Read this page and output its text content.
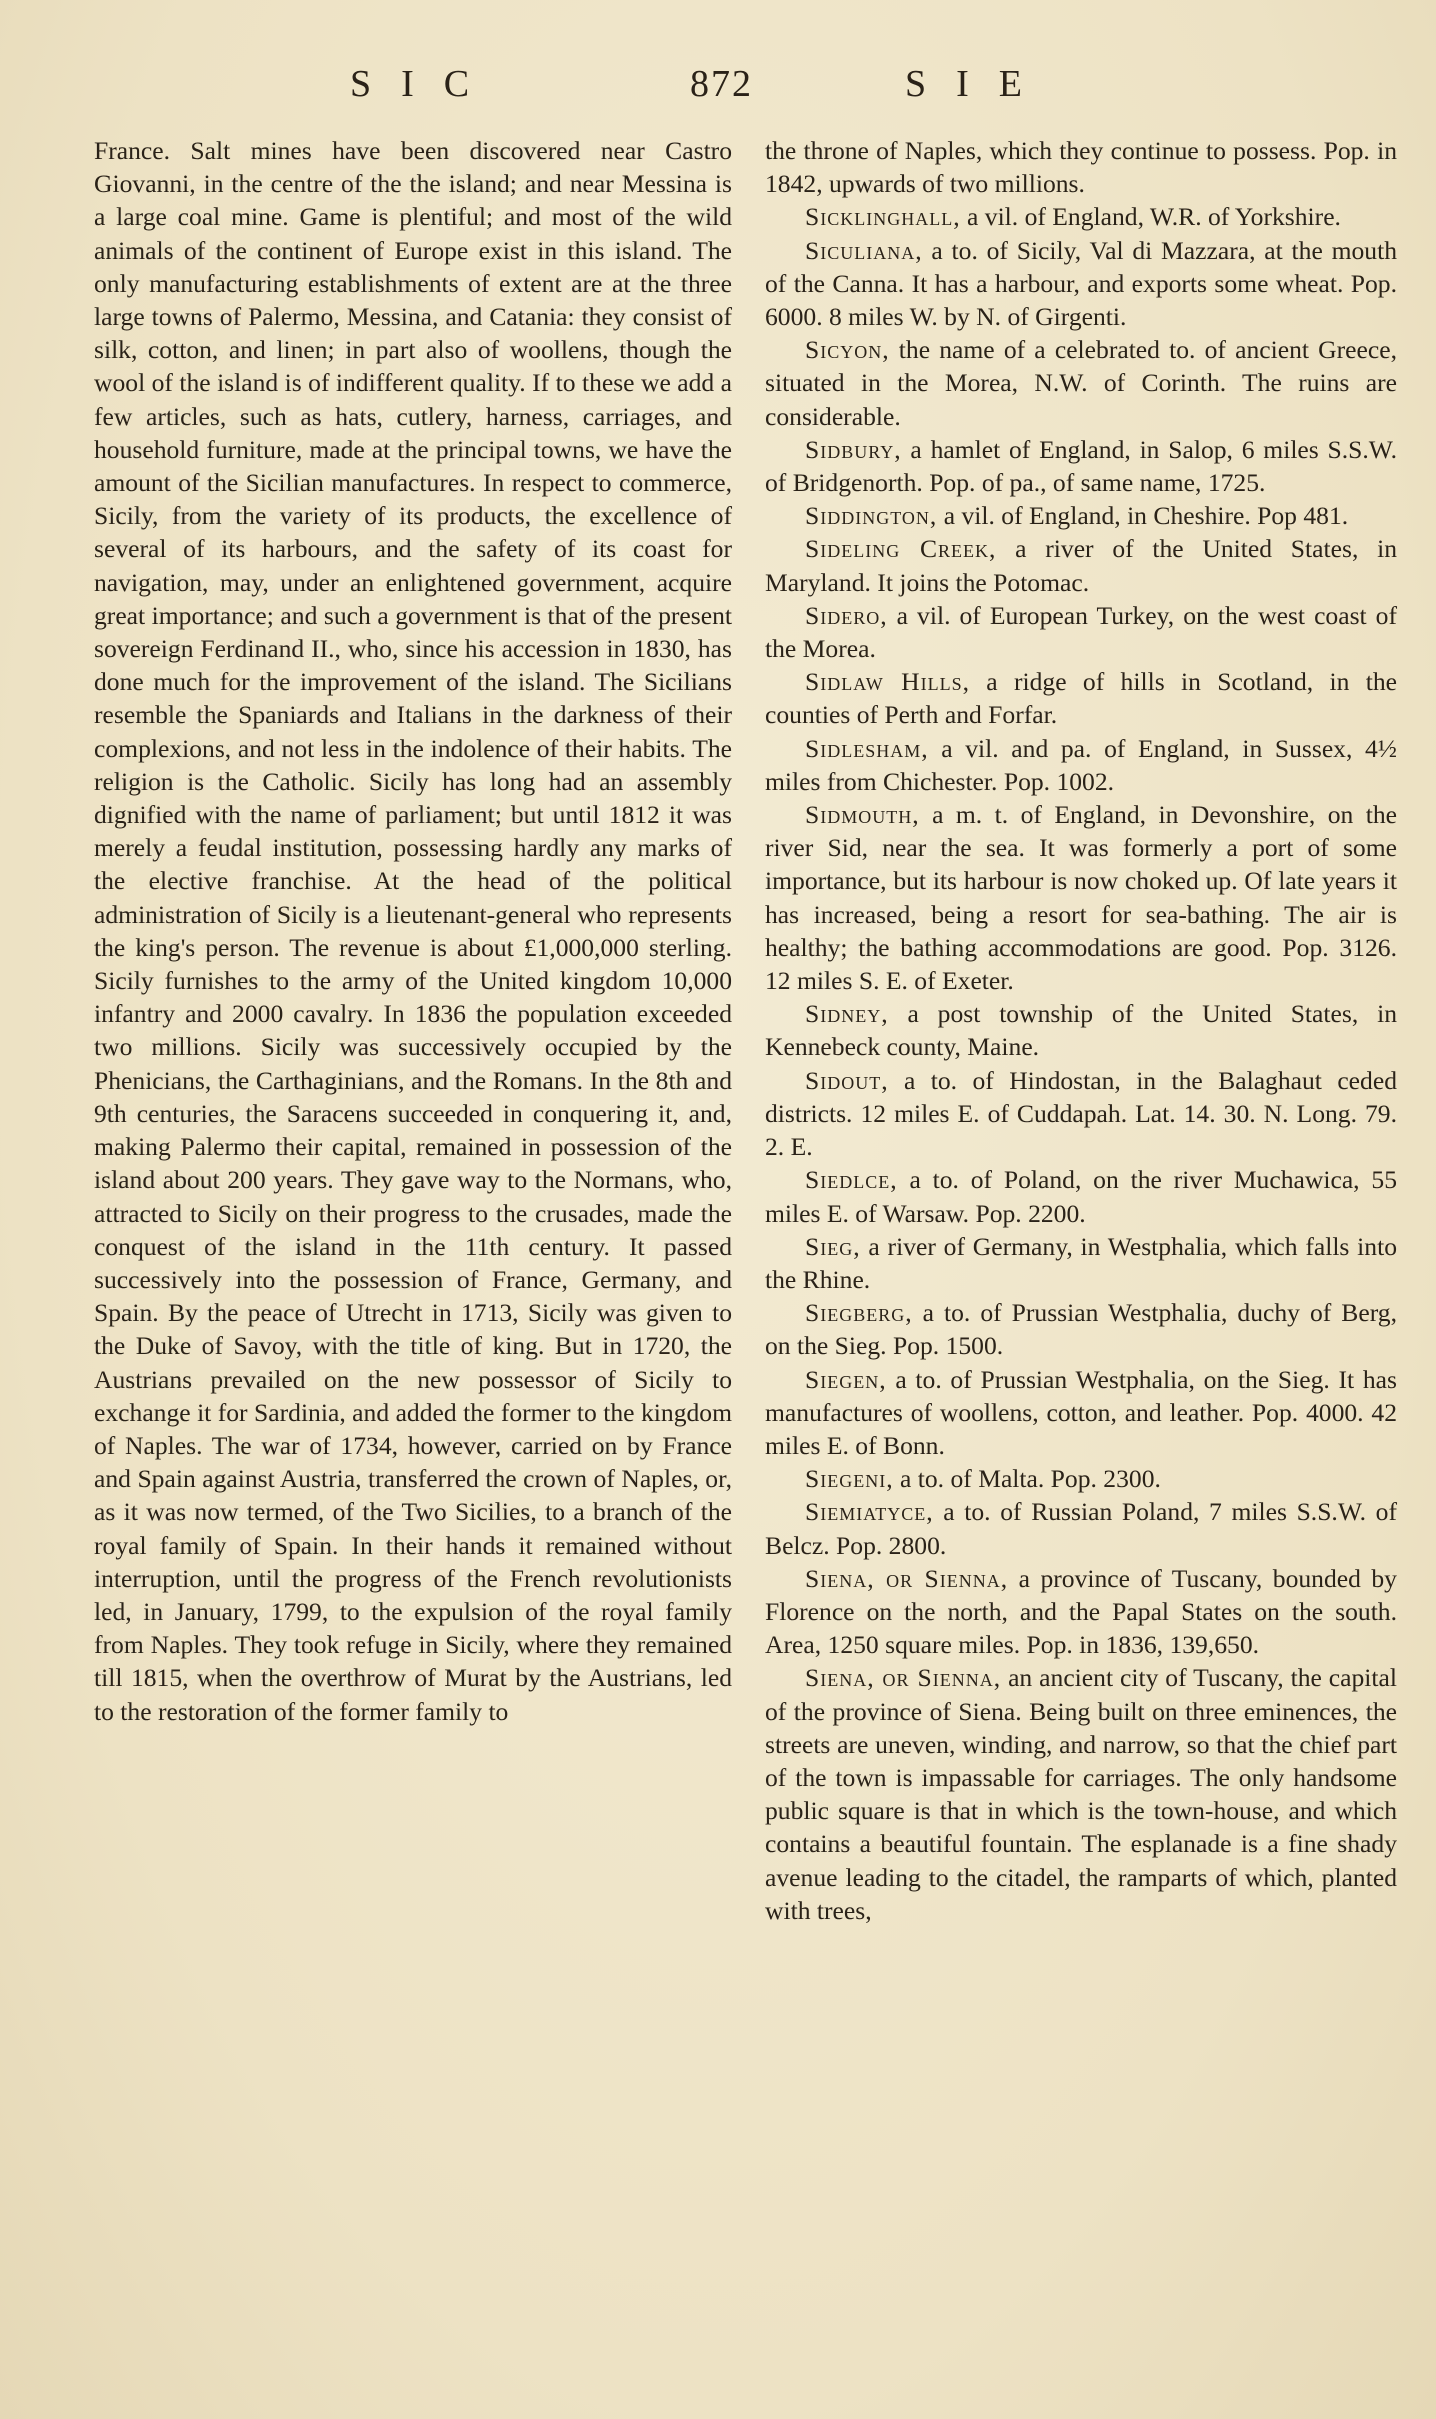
SIC	872	SIE

France. Salt mines have been discovered near Castro Giovanni, in the centre of the the island; and near Messina is a large coal mine. Game is plentiful; and most of the wild animals of the continent of Europe exist in this island. The only manufacturing establishments of extent are at the three large towns of Palermo, Messina, and Catania: they consist of silk, cotton, and linen; in part also of woollens, though the wool of the island is of indifferent quality. If to these we add a few articles, such as hats, cutlery, harness, carriages, and household furniture, made at the principal towns, we have the amount of the Sicilian manufactures. In respect to commerce, Sicily, from the variety of its products, the excellence of several of its harbours, and the safety of its coast for navigation, may, under an enlightened government, acquire great importance; and such a government is that of the present sovereign Ferdinand II., who, since his accession in 1830, has done much for the improvement of the island. The Sicilians resemble the Spaniards and Italians in the darkness of their complexions, and not less in the indolence of their habits. The religion is the Catholic. Sicily has long had an assembly dignified with the name of parliament; but until 1812 it was merely a feudal institution, possessing hardly any marks of the elective franchise. At the head of the political administration of Sicily is a lieutenant-general who represents the king's person. The revenue is about £1,000,000 sterling. Sicily furnishes to the army of the United kingdom 10,000 infantry and 2000 cavalry. In 1836 the population exceeded two millions. Sicily was successively occupied by the Phenicians, the Carthaginians, and the Romans. In the 8th and 9th centuries, the Saracens succeeded in conquering it, and, making Palermo their capital, remained in possession of the island about 200 years. They gave way to the Normans, who, attracted to Sicily on their progress to the crusades, made the conquest of the island in the 11th century. It passed successively into the possession of France, Germany, and Spain. By the peace of Utrecht in 1713, Sicily was given to the Duke of Savoy, with the title of king. But in 1720, the Austrians prevailed on the new possessor of Sicily to exchange it for Sardinia, and added the former to the kingdom of Naples. The war of 1734, however, carried on by France and Spain against Austria, transferred the crown of Naples, or, as it was now termed, of the Two Sicilies, to a branch of the royal family of Spain. In their hands it remained without interruption, until the progress of the French revolutionists led, in January, 1799, to the expulsion of the royal family from Naples. They took refuge in Sicily, where they remained till 1815, when the overthrow of Murat by the Austrians, led to the restoration of the former family to

the throne of Naples, which they continue to possess. Pop. in 1842, upwards of two millions.

Sicklinghall, a vil. of England, W.R. of Yorkshire.

Siculiana, a to. of Sicily, Val di Mazzara, at the mouth of the Canna. It has a harbour, and exports some wheat. Pop. 6000. 8 miles W. by N. of Girgenti.

Sicyon, the name of a celebrated to. of ancient Greece, situated in the Morea, N.W. of Corinth. The ruins are considerable.

Sidbury, a hamlet of England, in Salop, 6 miles S.S.W. of Bridgenorth. Pop. of pa., of same name, 1725.

Siddington, a vil. of England, in Cheshire. Pop 481.

Sideling Creek, a river of the United States, in Maryland. It joins the Potomac.

Sidero, a vil. of European Turkey, on the west coast of the Morea.

Sidlaw Hills, a ridge of hills in Scotland, in the counties of Perth and Forfar.

Sidlesham, a vil. and pa. of England, in Sussex, 4½ miles from Chichester. Pop. 1002.

Sidmouth, a m. t. of England, in Devonshire, on the river Sid, near the sea. It was formerly a port of some importance, but its harbour is now choked up. Of late years it has increased, being a resort for sea-bathing. The air is healthy; the bathing accommodations are good. Pop. 3126. 12 miles S. E. of Exeter.

Sidney, a post township of the United States, in Kennebeck county, Maine.

Sidout, a to. of Hindostan, in the Balaghaut ceded districts. 12 miles E. of Cuddapah. Lat. 14. 30. N. Long. 79. 2. E.

Siedlce, a to. of Poland, on the river Muchawica, 55 miles E. of Warsaw. Pop. 2200.

Sieg, a river of Germany, in Westphalia, which falls into the Rhine.

Siegberg, a to. of Prussian Westphalia, duchy of Berg, on the Sieg. Pop. 1500.

Siegen, a to. of Prussian Westphalia, on the Sieg. It has manufactures of woollens, cotton, and leather. Pop. 4000. 42 miles E. of Bonn.

Siegeni, a to. of Malta. Pop. 2300.

Siemiatyce, a to. of Russian Poland, 7 miles S.S.W. of Belcz. Pop. 2800.

Siena, or Sienna, a province of Tuscany, bounded by Florence on the north, and the Papal States on the south. Area, 1250 square miles. Pop. in 1836, 139,650.

Siena, or Sienna, an ancient city of Tuscany, the capital of the province of Siena. Being built on three eminences, the streets are uneven, winding, and narrow, so that the chief part of the town is impassable for carriages. The only handsome public square is that in which is the town-house, and which contains a beautiful fountain. The esplanade is a fine shady avenue leading to the citadel, the ramparts of which, planted with trees,
